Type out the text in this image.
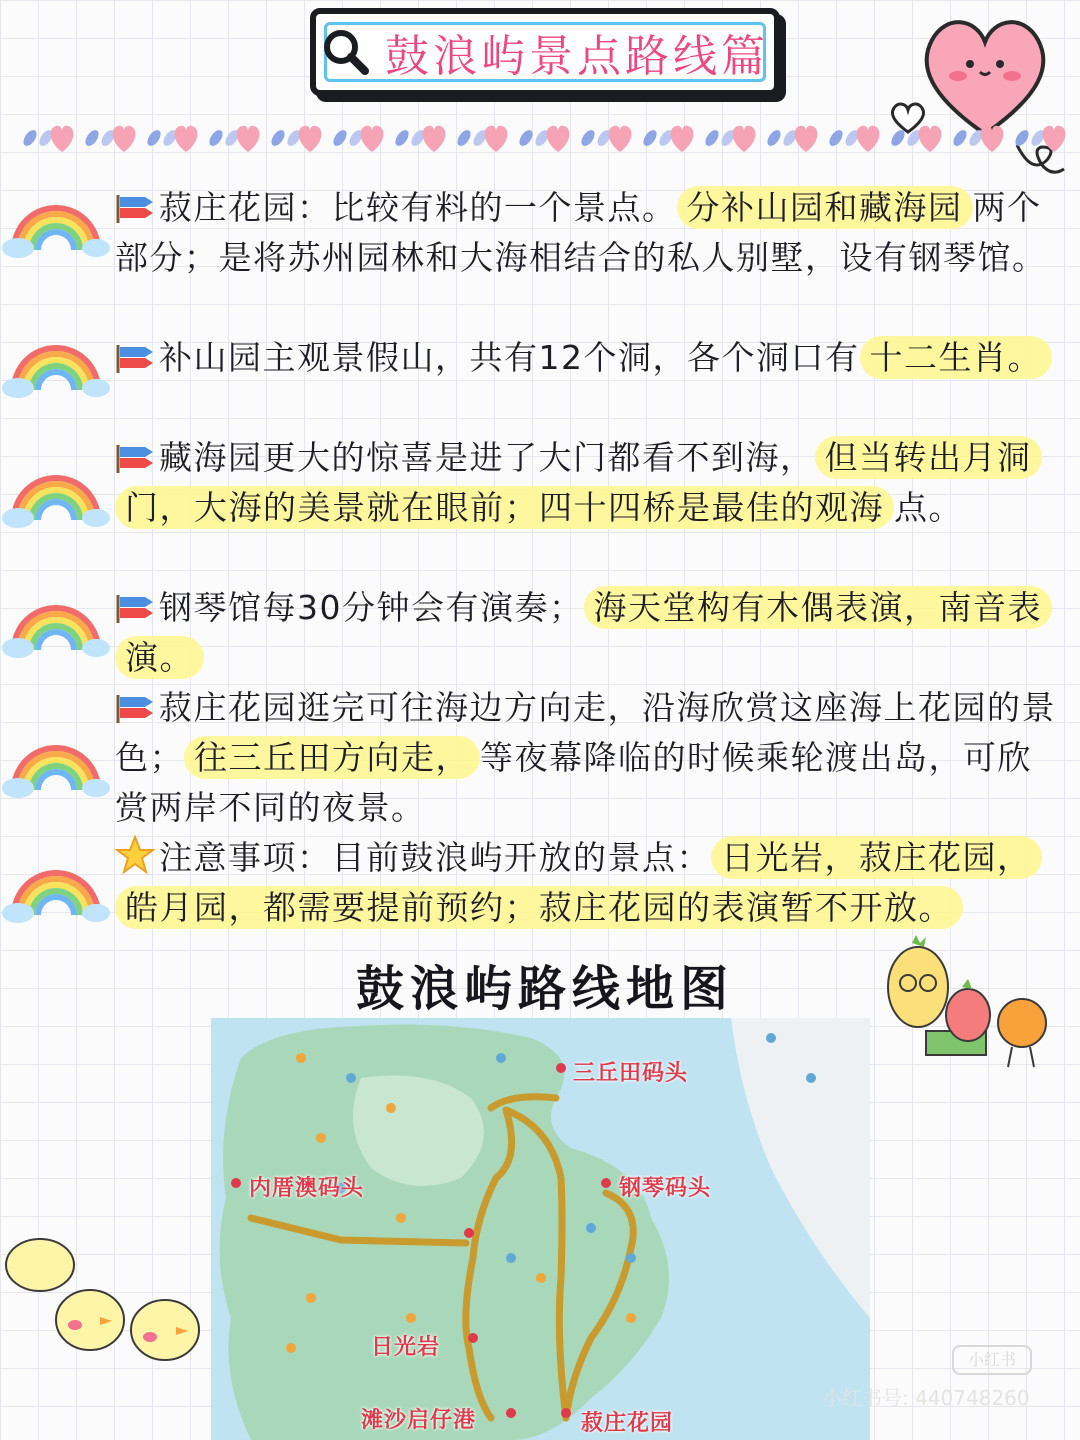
鼓浪屿景点路线篇

菽庄花园：比较有料的一个景点。 分补山园和藏海园 两个部分；是将苏州园林和大海相结合的私人别墅，设有钢琴馆。

补山园主观景假山，共有12个洞，各个洞口有 十二生肖。

藏海园更大的惊喜是进了大门都看不到海， 但当转出月洞门，大海的美景就在眼前；四十四桥是最佳的观海 点。

钢琴馆每30分钟会有演奏； 海天堂构有木偶表演，南音表演。

菽庄花园逛完可往海边方向走，沿海欣赏这座海上花园的景色； 往三丘田方向走， 等夜幕降临的时候乘轮渡出岛，可欣赏两岸不同的夜景。

注意事项：目前鼓浪屿开放的景点： 日光岩，菽庄花园，皓月园，都需要提前预约；菽庄花园的表演暂不开放。

鼓浪屿路线地图
三丘田码头
钢琴码头
内厝澳码头
日光岩
滩沙启仔港	菽庄花园
小红书
小红书号: 440748260
